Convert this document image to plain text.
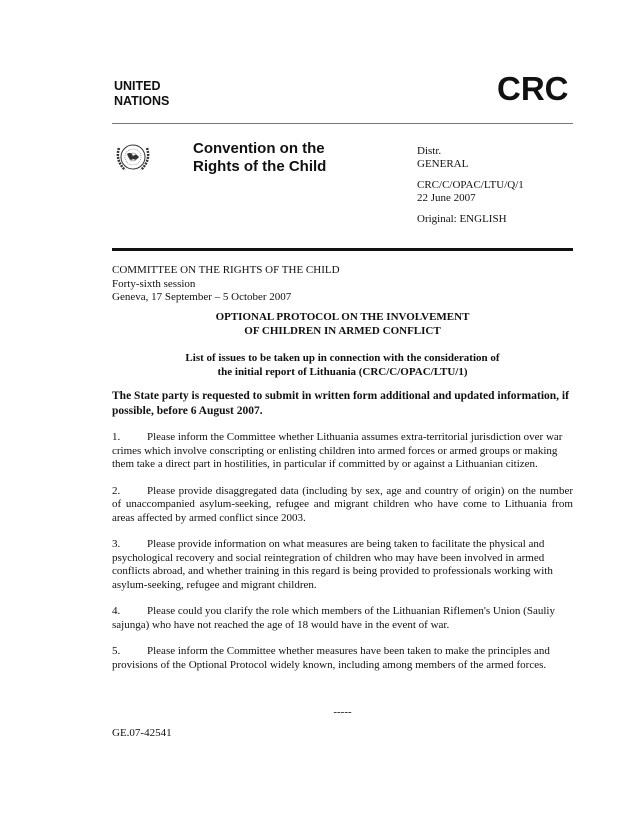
UNITED
NATIONS	CRC
Convention on the
Rights of the Child

Distr.
GENERAL

CRC/C/OPAC/LTU/Q/1
22 June 2007

Original: ENGLISH

COMMITTEE ON THE RIGHTS OF THE CHILD
Forty-sixth session
Geneva, 17 September – 5 October 2007
OPTIONAL PROTOCOL ON THE INVOLVEMENT
OF CHILDREN IN ARMED CONFLICT
List of issues to be taken up in connection with the consideration of
the initial report of Lithuania (CRC/C/OPAC/LTU/1)
The State party is requested to submit in written form additional and updated information, if possible, before 6 August 2007.

1. Please inform the Committee whether Lithuania assumes extra-territorial jurisdiction over war crimes which involve conscripting or enlisting children into armed forces or armed groups or making them take a direct part in hostilities, in particular if committed by or against a Lithuanian citizen.

2. Please provide disaggregated data (including by sex, age and country of origin) on the number of unaccompanied asylum-seeking, refugee and migrant children who have come to Lithuania from areas affected by armed conflict since 2003.

3. Please provide information on what measures are being taken to facilitate the physical and psychological recovery and social reintegration of children who may have been involved in armed conflicts abroad, and whether training in this regard is being provided to professionals working with asylum-seeking, refugee and migrant children.

4. Please could you clarify the role which members of the Lithuanian Riflemen's Union (Sauliy sajunga) who have not reached the age of 18 would have in the event of war.

5. Please inform the Committee whether measures have been taken to make the principles and provisions of the Optional Protocol widely known, including among members of the armed forces.

-----
GE.07-42541
